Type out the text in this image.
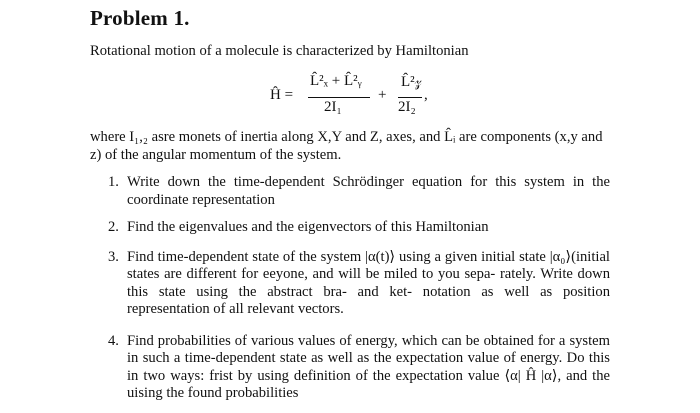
Problem 1.
Rotational motion of a molecule is characterized by Hamiltonian
Ĥ =
L̂²ₓ + L̂²ᵧ
2I₁
+
L̂²𝓏
2I₂
,
where I₁,₂ asre monets of inertia along X,Y and Z, axes, and L̂ᵢ are components (x,y and z) of the angular momentum of the system.
1. Write down the time-dependent Schrödinger equation for this system in the coordinate representation
2. Find the eigenvalues and the eigenvectors of this Hamiltonian
3. Find time-dependent state of the system |α(t)⟩ using a given initial state |α₀⟩(initial states are different for eeyone, and will be miled to you sepa- rately. Write down this state using the abstract bra- and ket- notation as well as position representation of all relevant vectors.
4. Find probabilities of various values of energy, which can be obtained for a system in such a time-dependent state as well as the expectation value of energy. Do this in two ways: frist by using definition of the expectation value ⟨α| Ĥ |α⟩, and the uising the found probabilities
